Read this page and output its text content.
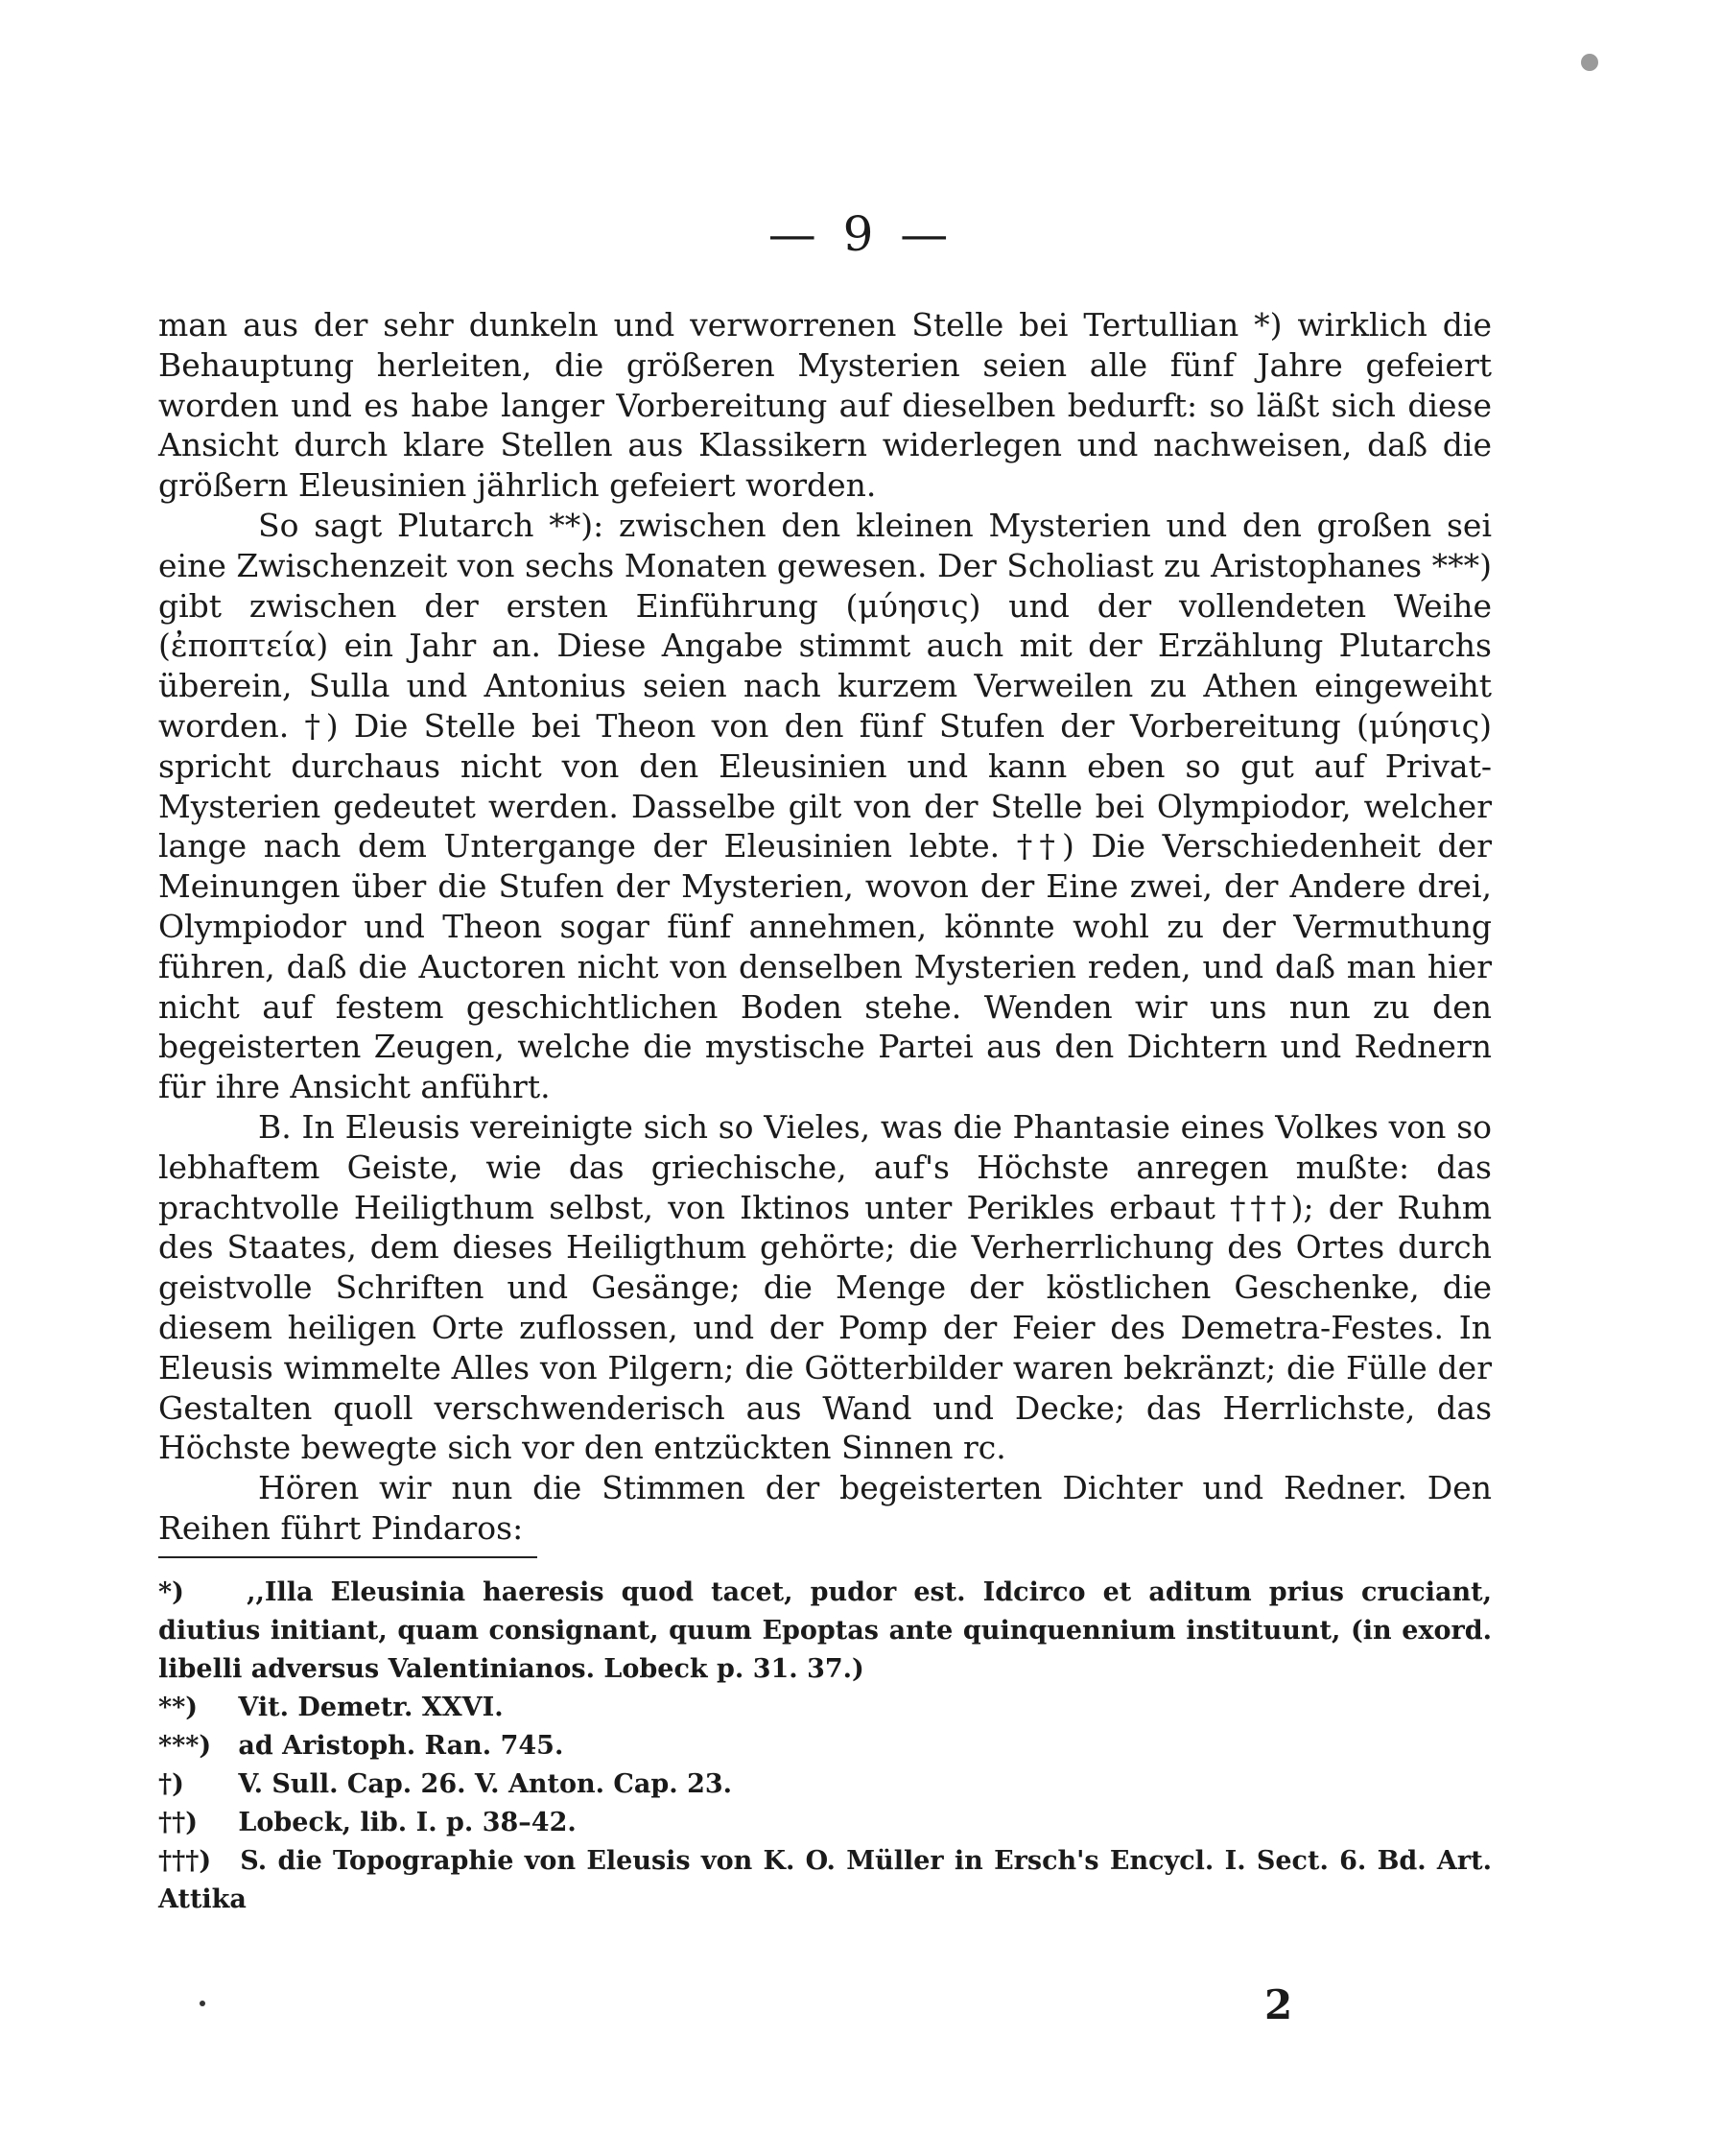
— 9 —

man aus der sehr dunkeln und verworrenen Stelle bei Tertullian *) wirklich die Behauptung herleiten, die größeren Mysterien seien alle fünf Jahre gefeiert worden und es habe langer Vorbereitung auf dieselben bedurft: so läßt sich diese Ansicht durch klare Stellen aus Klassikern widerlegen und nachweisen, daß die größern Eleusinien jährlich gefeiert worden.

So sagt Plutarch **): zwischen den kleinen Mysterien und den großen sei eine Zwischenzeit von sechs Monaten gewesen. Der Scholiast zu Aristophanes ***) gibt zwischen der ersten Einführung (μύησις) und der vollendeten Weihe (ἐποπτεία) ein Jahr an. Diese Angabe stimmt auch mit der Erzählung Plutarchs überein, Sulla und Antonius seien nach kurzem Verweilen zu Athen eingeweiht worden. †) Die Stelle bei Theon von den fünf Stufen der Vorbereitung (μύησις) spricht durchaus nicht von den Eleusinien und kann eben so gut auf Privat-Mysterien gedeutet werden. Dasselbe gilt von der Stelle bei Olympiodor, welcher lange nach dem Untergange der Eleusinien lebte. ††) Die Verschiedenheit der Meinungen über die Stufen der Mysterien, wovon der Eine zwei, der Andere drei, Olympiodor und Theon sogar fünf annehmen, könnte wohl zu der Vermuthung führen, daß die Auctoren nicht von denselben Mysterien reden, und daß man hier nicht auf festem geschichtlichen Boden stehe. Wenden wir uns nun zu den begeisterten Zeugen, welche die mystische Partei aus den Dichtern und Rednern für ihre Ansicht anführt.

B. In Eleusis vereinigte sich so Vieles, was die Phantasie eines Volkes von so lebhaftem Geiste, wie das griechische, auf's Höchste anregen mußte: das prachtvolle Heiligthum selbst, von Iktinos unter Perikles erbaut †††); der Ruhm des Staates, dem dieses Heiligthum gehörte; die Verherrlichung des Ortes durch geistvolle Schriften und Gesänge; die Menge der köstlichen Geschenke, die diesem heiligen Orte zuflossen, und der Pomp der Feier des Demetra-Festes. In Eleusis wimmelte Alles von Pilgern; die Götterbilder waren bekränzt; die Fülle der Gestalten quoll verschwenderisch aus Wand und Decke; das Herrlichste, das Höchste bewegte sich vor den entzückten Sinnen rc.

Hören wir nun die Stimmen der begeisterten Dichter und Redner. Den Reihen führt Pindaros:

*) ,,Illa Eleusinia haeresis quod tacet, pudor est. Idcirco et aditum prius cruciant, diutius initiant, quam consignant, quum Epoptas ante quinquennium instituunt, (in exord. libelli adversus Valentinianos. Lobeck p. 31. 37.)

**) Vit. Demetr. XXVI.

***) ad Aristoph. Ran. 745.

†) V. Sull. Cap. 26. V. Anton. Cap. 23.

††) Lobeck, lib. I. p. 38–42.

†††) S. die Topographie von Eleusis von K. O. Müller in Ersch's Encycl. I. Sect. 6. Bd. Art. Attika

2
